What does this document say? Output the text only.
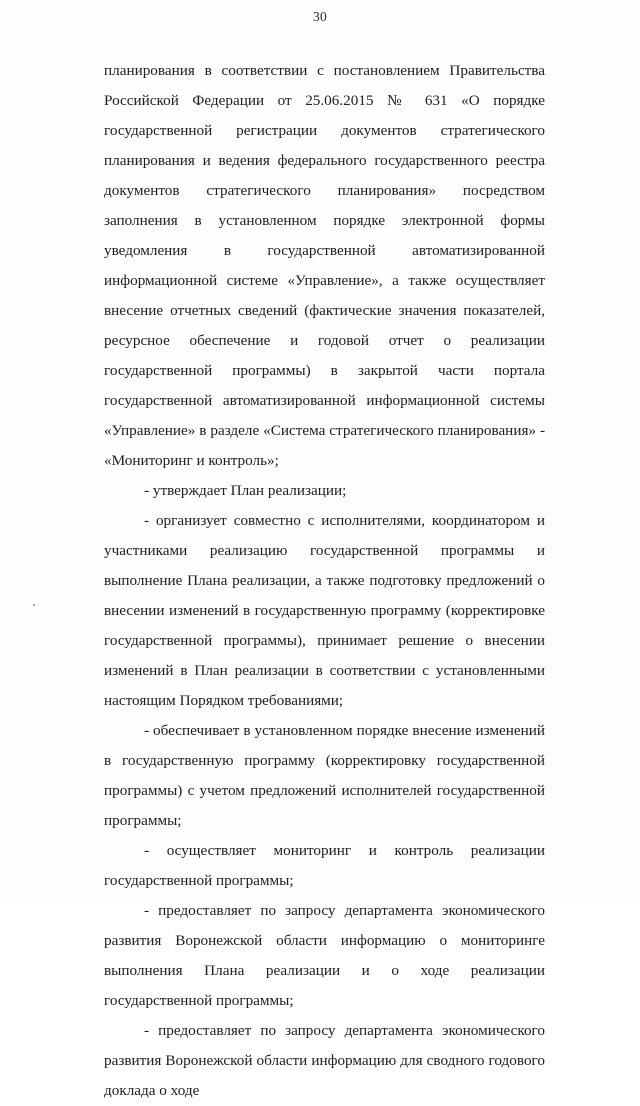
30

планирования в соответствии с постановлением Правительства Российской Федерации от 25.06.2015 № 631 «О порядке государственной регистрации документов стратегического планирования и ведения федерального государственного реестра документов стратегического планирования» посредством заполнения в установленном порядке электронной формы уведомления в государственной автоматизированной информационной системе «Управление», а также осуществляет внесение отчетных сведений (фактические значения показателей, ресурсное обеспечение и годовой отчет о реализации государственной программы) в закрытой части портала государственной автоматизированной информационной системы «Управление» в разделе «Система стратегического планирования» - «Мониторинг и контроль»;

- утверждает План реализации;

- организует совместно с исполнителями, координатором и участниками реализацию государственной программы и выполнение Плана реализации, а также подготовку предложений о внесении изменений в государственную программу (корректировке государственной программы), принимает решение о внесении изменений в План реализации в соответствии с установленными настоящим Порядком требованиями;

- обеспечивает в установленном порядке внесение изменений в государственную программу (корректировку государственной программы) с учетом предложений исполнителей государственной программы;

- осуществляет мониторинг и контроль реализации государственной программы;

- предоставляет по запросу департамента экономического развития Воронежской области информацию о мониторинге выполнения Плана реализации и о ходе реализации государственной программы;

- предоставляет по запросу департамента экономического развития Воронежской области информацию для сводного годового доклада о ходе
